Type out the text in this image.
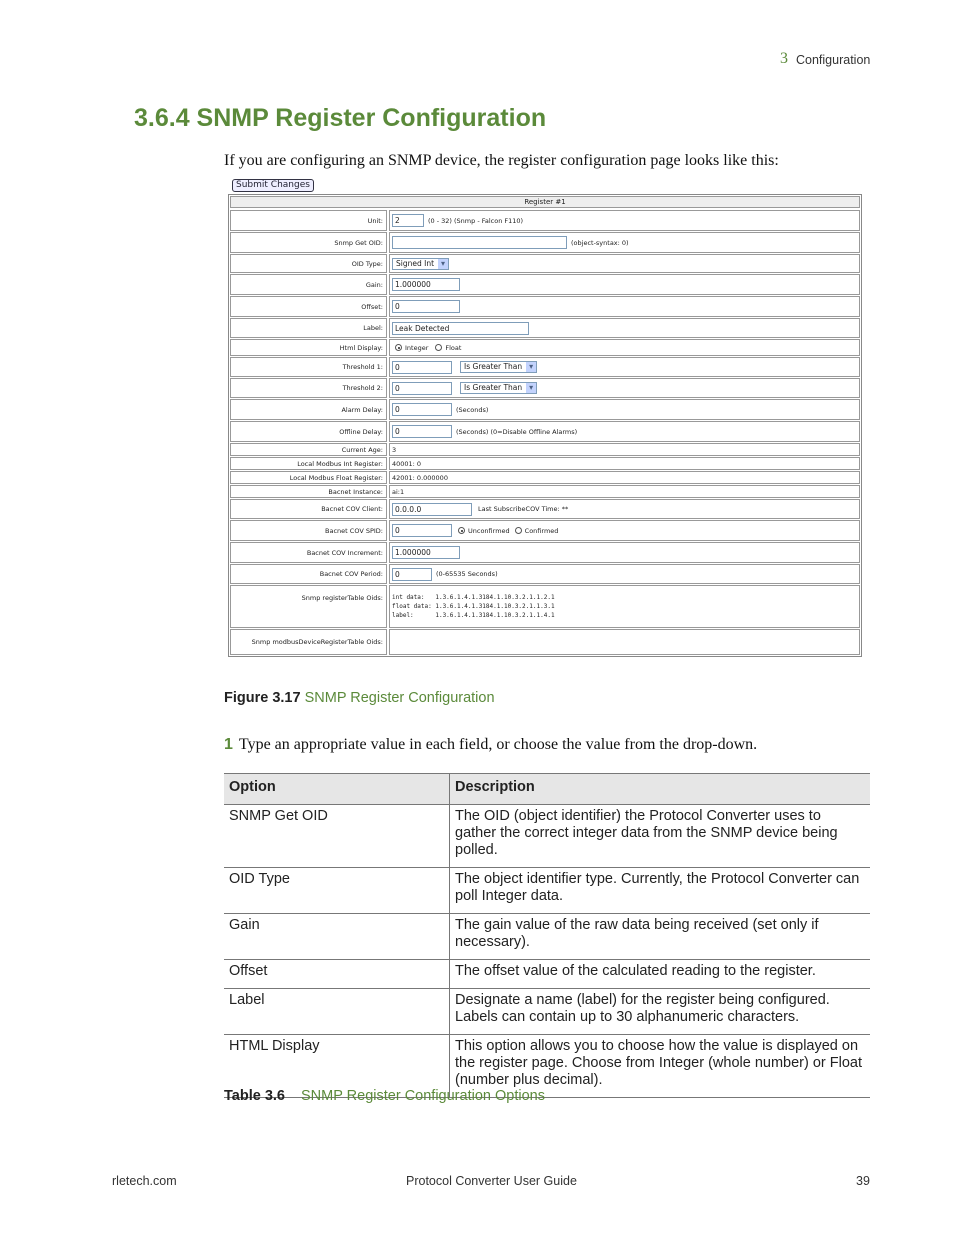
3 Configuration
3.6.4 SNMP Register Configuration
If you are configuring an SNMP device, the register configuration page looks like this:
Submit Changes
Register #1
Unit:	2	(0 - 32) (Snmp - Falcon F110)
Snmp Get OID:	(object-syntax: 0)
OID Type:	Signed Int ▾
Gain:	1.000000
Offset:	0
Label:	Leak Detected
Html Display:	Integer	Float
Threshold 1:	0	Is Greater Than ▾
Threshold 2:	0	Is Greater Than ▾
Alarm Delay:	0	(Seconds)
Offline Delay:	0	(Seconds) (0=Disable Offline Alarms)
Current Age:	3
Local Modbus Int Register:	40001: 0
Local Modbus Float Register:	42001: 0.000000
Bacnet Instance:	ai:1
Bacnet COV Client:	0.0.0.0	Last SubscribeCOV Time: **
Bacnet COV SPID:	0	Unconfirmed Confirmed
Bacnet COV Increment:	1.000000
Bacnet COV Period:	0	(0-65535 Seconds)
Snmp registerTable Oids:	int data:   1.3.6.1.4.1.3184.1.10.3.2.1.1.2.1
float data: 1.3.6.1.4.1.3184.1.10.3.2.1.1.3.1
label:      1.3.6.1.4.1.3184.1.10.3.2.1.1.4.1
Snmp modbusDeviceRegisterTable Oids:
Figure 3.17 SNMP Register Configuration
1 Type an appropriate value in each field, or choose the value from the drop-down.
Option	Description
SNMP Get OID	The OID (object identifier) the Protocol Converter uses to gather the correct integer data from the SNMP device being polled.
OID Type	The object identifier type. Currently, the Protocol Converter can poll Integer data.
Gain	The gain value of the raw data being received (set only if necessary).
Offset	The offset value of the calculated reading to the register.
Label	Designate a name (label) for the register being configured. Labels can contain up to 30 alphanumeric characters.
HTML Display	This option allows you to choose how the value is displayed on the register page. Choose from Integer (whole number) or Float (number plus decimal).
Table 3.6 SNMP Register Configuration Options
rletech.com	Protocol Converter User Guide	39
